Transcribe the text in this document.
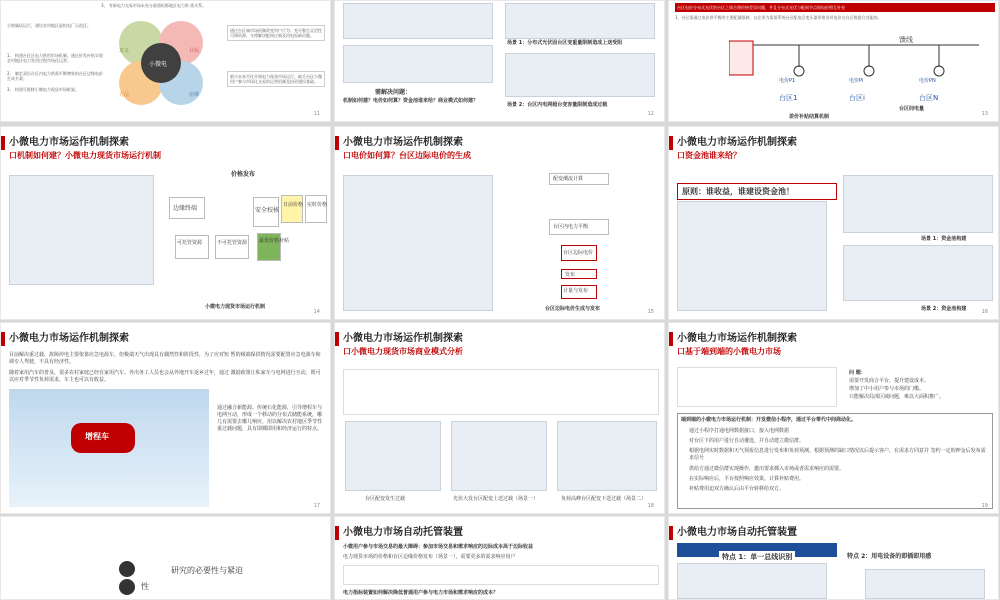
3、 有新电力交易市场未充分渠道标都地区电力供 需关系。
小简属试运行，建设农村地区虚拟电厂示范区。
1、 构建台区区电力供用市场机制，通过价差补贴实现农村地区电力发用过程市场化运营；
2、 制定双层台区内电力供需平衡博弈的台区边缘电价生成方案；
3、 构建可推移小微电力现货市场框架。
小微电
意义	目标
方法	困难
通过台区端市场机制改变用户行为；充分整合灵活性可调资源，支撑解决配网过载及用电短缺问题。
新兴未来否化开展电力现货市场运行；缺乏台区小微用户参与市场化交易的运营机制及投资建设基础。
11
场景 1：分布式光伏因台区变重量限制造成上送受阻
场景 2：台区内电网超台变容量限制造成过载
需解决问题：
机制如何建？电价如何算？资金池谁来给？商业模式如何建？
12
台区电价分布式光伏的台区之间合理价格差异问题，并且分布式光伏与配网节点间电价相互补充
1，台区需通过电价供平衡的主要配量限制，以在更为需面系统台区配电区变压器更换各项电价交台区数据合处能的。
馈线
电价P1	电价Pi	电价PN
台区1	台区i	台区N
台区间电量
差价补贴结算机制	13
小微电力市场运作机制探索
口机制如何建？小微电力现货市场运行机制
价格发布
边缘终端	安全校核
日前价格 实时价格
可托管资源	不可托管资源 最优价格补贴
小微电力现货市场运行机制
14
小微电力市场运作机制探索
口电价如何算？台区边际电价的生成
配变潮流计算
台区内电力平衡
台区边际电价
发布
计量与发布
台区边际电价生成与发布	15
小微电力市场运作机制探索
口资金池谁来给？
原则：谁收益，谁建设资金池！
场景 1：资金池构建
场景 2：资金池构建	16
小微电力市场运作机制探索
目前解决重过载、故障停电主要依靠应急电源车，但极端天气出现具有偶然性和阶段性，为了应对短 暂的极端保供情况需要配置应急电源车和调专人驾驶，不具有经济性。
随着家用汽车的普及，很多农村家庭已经有家用汽车。外出务工人员也会从外地开车返乡过年，通过 激励政策让私家车与电网进行互动，既可以应对季节性负荷需求，车主也可以有收益。
增程车
通过融合新能源、传统石化能源，引导增程车与电网互动，形成一个移动的分布式储能系统，哪儿有需要去哪儿响应，用以解决农村地区季节性重过载问题，具有即插即用和经济运行的特点。
17
小微电力市场运作机制探索
口小微电力现货市场商业模式分析
台区配变发生过载	光伏大发台区配变上送过载（场景一）	负荷高峰台区配变下送过载（场景二）
18
小微电力市场运作机制探索
口基于端到端的小微电力市场
问 题：
需要开发商合平台，提升建设成本。
增加了中小用户参与市场的门槛。
只能解决局部区域问题，难以大面积推广。
端到端的小微电力市场运行机制：开发微信小程序，通过平台零代中间商动化。
通过小程序打通电网数据接口，接入电网数据
对台区下的用户进行自动遴选，并自动建立微信群。
根据电网实时数据和天气预报信息进行发布和负荷预测。根据预测的缺口情况以后提示客户，在需求方同意并 签约一定的押金后发布需求信号
供给方通过微信群实现操作，邀出要求插入市场或者需求响应的需要。
在实际响应后，平台按照响应效果，计算补贴费用。
补贴费用迫双方确认后由平台转移给双方。
19
研究的必要性与紧迫
性
小微电力市场自动托管装置
小微用户参与市场交易的最大障碍：参加市场交易和需求响应的边际成本高于边际收益
电力现货市场的价格和台区边缘价格发布（场景一），需要更多的需求响应用户
电力指标装置如何解决降低普通用户参与电力市场和需求响应的成本？
小微电力市场自动托管装置
特点 1：单一总线识别	特点 2：用电设备的即插即用感
